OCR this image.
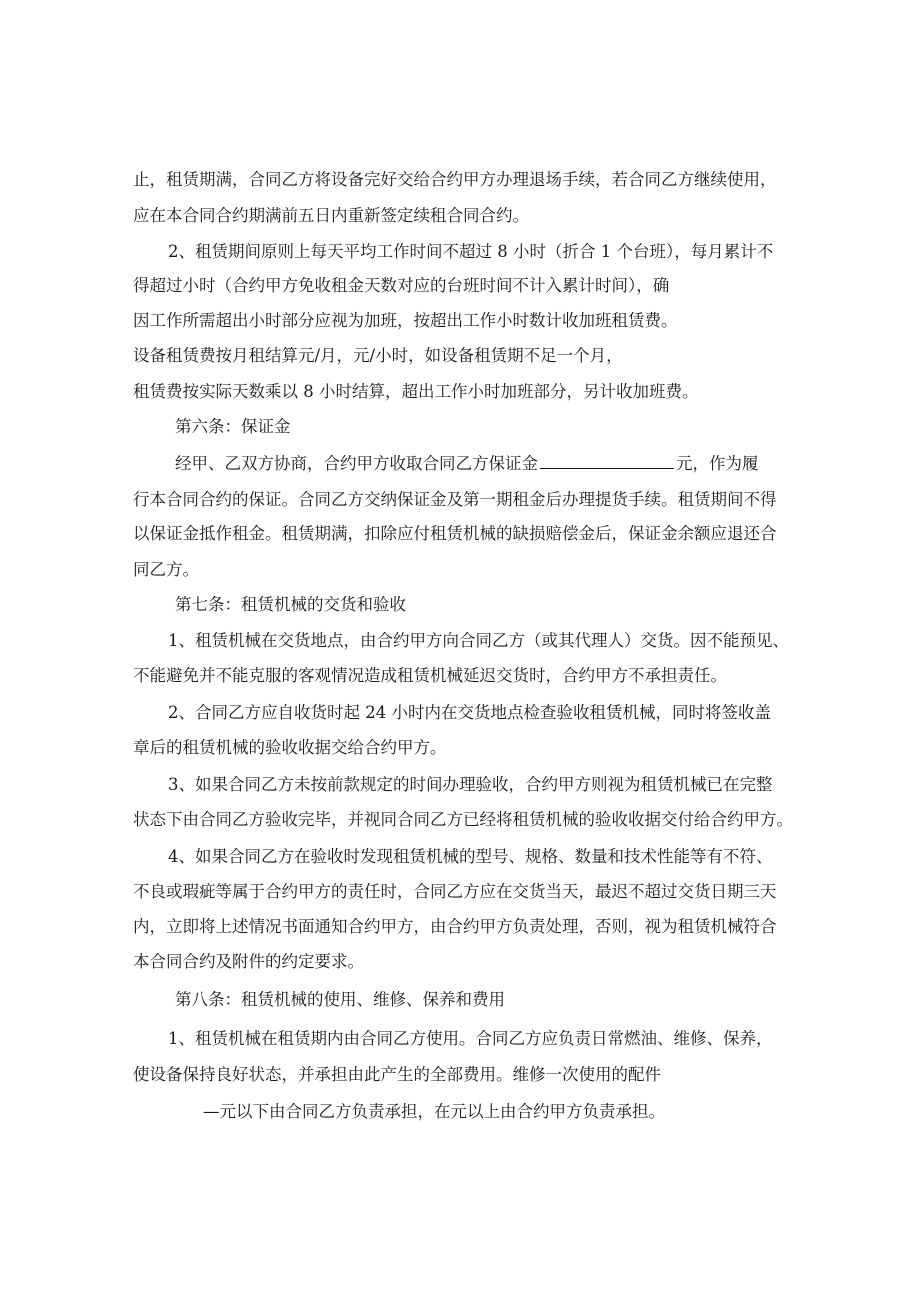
止，租赁期满，合同乙方将设备完好交给合约甲方办理退场手续，若合同乙方继续使用，
应在本合同合约期满前五日内重新签定续租合同合约。
2、租赁期间原则上每天平均工作时间不超过 8 小时（折合 1 个台班），每月累计不
得超过小时（合约甲方免收租金天数对应的台班时间不计入累计时间），确
因工作所需超出小时部分应视为加班，按超出工作小时数计收加班租赁费。
设备租赁费按月租结算元/月，元/小时，如设备租赁期不足一个月，
租赁费按实际天数乘以 8 小时结算，超出工作小时加班部分，另计收加班费。
第六条：保证金
经甲、乙双方协商，合约甲方收取合同乙方保证金	元，作为履
行本合同合约的保证。合同乙方交纳保证金及第一期租金后办理提货手续。租赁期间不得
以保证金抵作租金。租赁期满，扣除应付租赁机械的缺损赔偿金后，保证金余额应退还合
同乙方。
第七条：租赁机械的交货和验收
1、租赁机械在交货地点，由合约甲方向合同乙方（或其代理人）交货。因不能预见、
不能避免并不能克服的客观情况造成租赁机械延迟交货时，合约甲方不承担责任。
2、合同乙方应自收货时起 24 小时内在交货地点检查验收租赁机械，同时将签收盖
章后的租赁机械的验收收据交给合约甲方。
3、如果合同乙方未按前款规定的时间办理验收，合约甲方则视为租赁机械已在完整
状态下由合同乙方验收完毕，并视同合同乙方已经将租赁机械的验收收据交付给合约甲方。
4、如果合同乙方在验收时发现租赁机械的型号、规格、数量和技术性能等有不符、
不良或瑕疵等属于合约甲方的责任时，合同乙方应在交货当天，最迟不超过交货日期三天
内，立即将上述情况书面通知合约甲方，由合约甲方负责处理，否则，视为租赁机械符合
本合同合约及附件的约定要求。
第八条：租赁机械的使用、维修、保养和费用
1、租赁机械在租赁期内由合同乙方使用。合同乙方应负责日常燃油、维修、保养，
使设备保持良好状态，并承担由此产生的全部费用。维修一次使用的配件
—元以下由合同乙方负责承担，在元以上由合约甲方负责承担。
